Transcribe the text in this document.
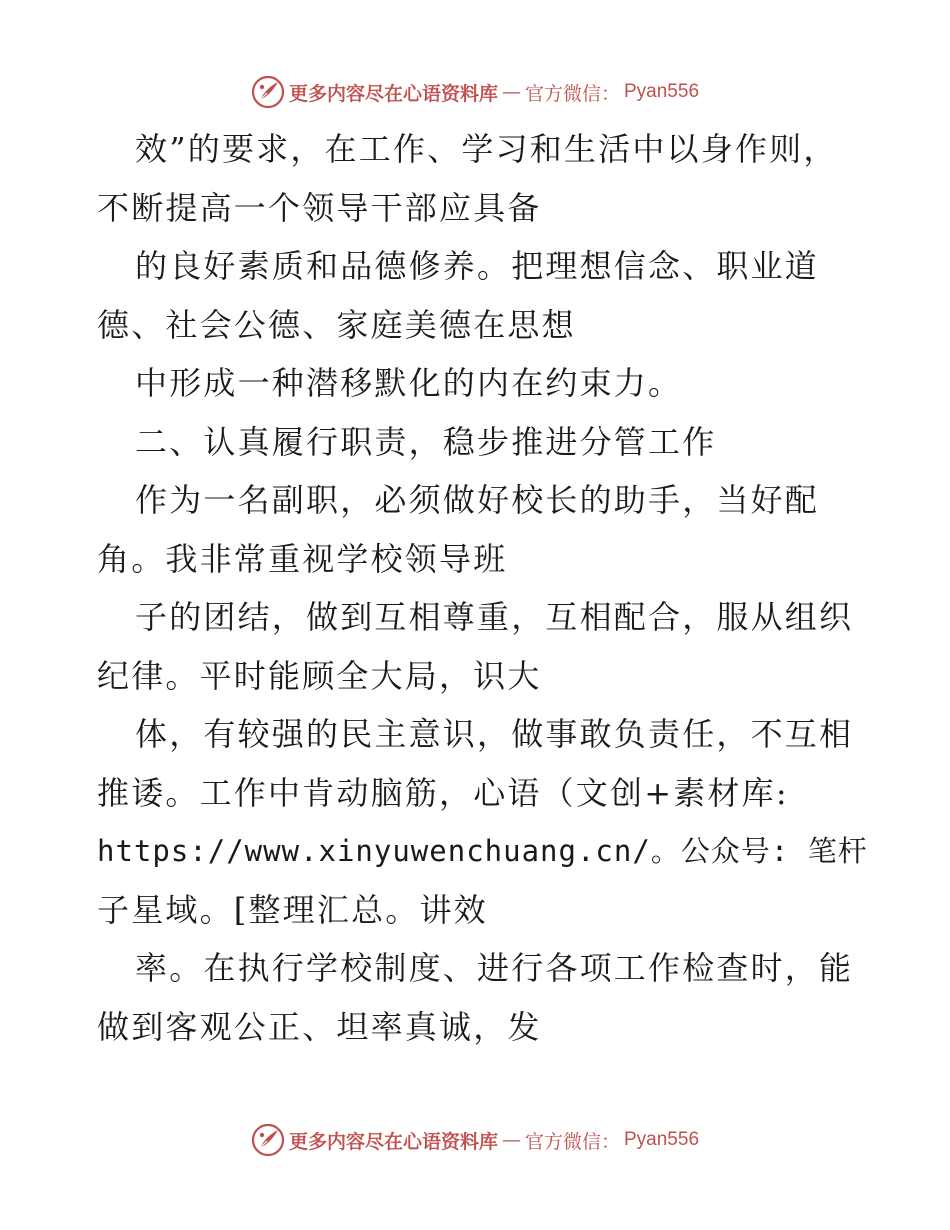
更多内容尽在心语资料库 — 官方微信： Pyan556
效”的要求，在工作、学习和生活中以身作则，
不断提高一个领导干部应具备
的良好素质和品德修养。把理想信念、职业道
德、社会公德、家庭美德在思想
中形成一种潜移默化的内在约束力。
二、认真履行职责，稳步推进分管工作
作为一名副职，必须做好校长的助手，当好配
角。我非常重视学校领导班
子的团结，做到互相尊重，互相配合，服从组织
纪律。平时能顾全大局，识大
体，有较强的民主意识，做事敢负责任，不互相
推诿。工作中肯动脑筋，心语（文创+素材库:
https://www.xinyuwenchuang.cn/。公众号: 笔杆
子星域。[整理汇总。讲效
率。在执行学校制度、进行各项工作检查时，能
做到客观公正、坦率真诚，发
更多内容尽在心语资料库 — 官方微信： Pyan556
